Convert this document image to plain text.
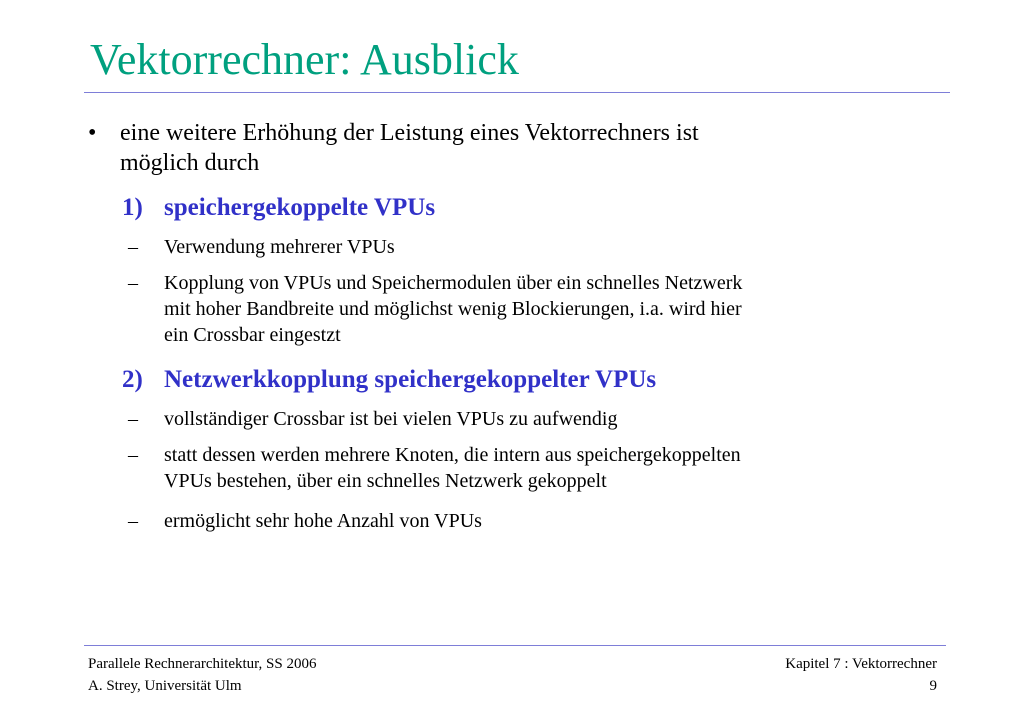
Vektorrechner: Ausblick
• eine weitere Erhöhung der Leistung eines Vektorrechners ist
möglich durch
1) speichergekoppelte VPUs
– Verwendung mehrerer VPUs
– Kopplung von VPUs und Speichermodulen über ein schnelles Netzwerk
mit hoher Bandbreite und möglichst wenig Blockierungen, i.a. wird hier
ein Crossbar eingestzt
2) Netzwerkkopplung speichergekoppelter VPUs
– vollständiger Crossbar ist bei vielen VPUs zu aufwendig
– statt dessen werden mehrere Knoten, die intern aus speichergekoppelten
VPUs bestehen, über ein schnelles Netzwerk gekoppelt
– ermöglicht sehr hohe Anzahl von VPUs
Parallele Rechnerarchitektur, SS 2006
A. Strey, Universität Ulm
Kapitel 7 : Vektorrechner
9
